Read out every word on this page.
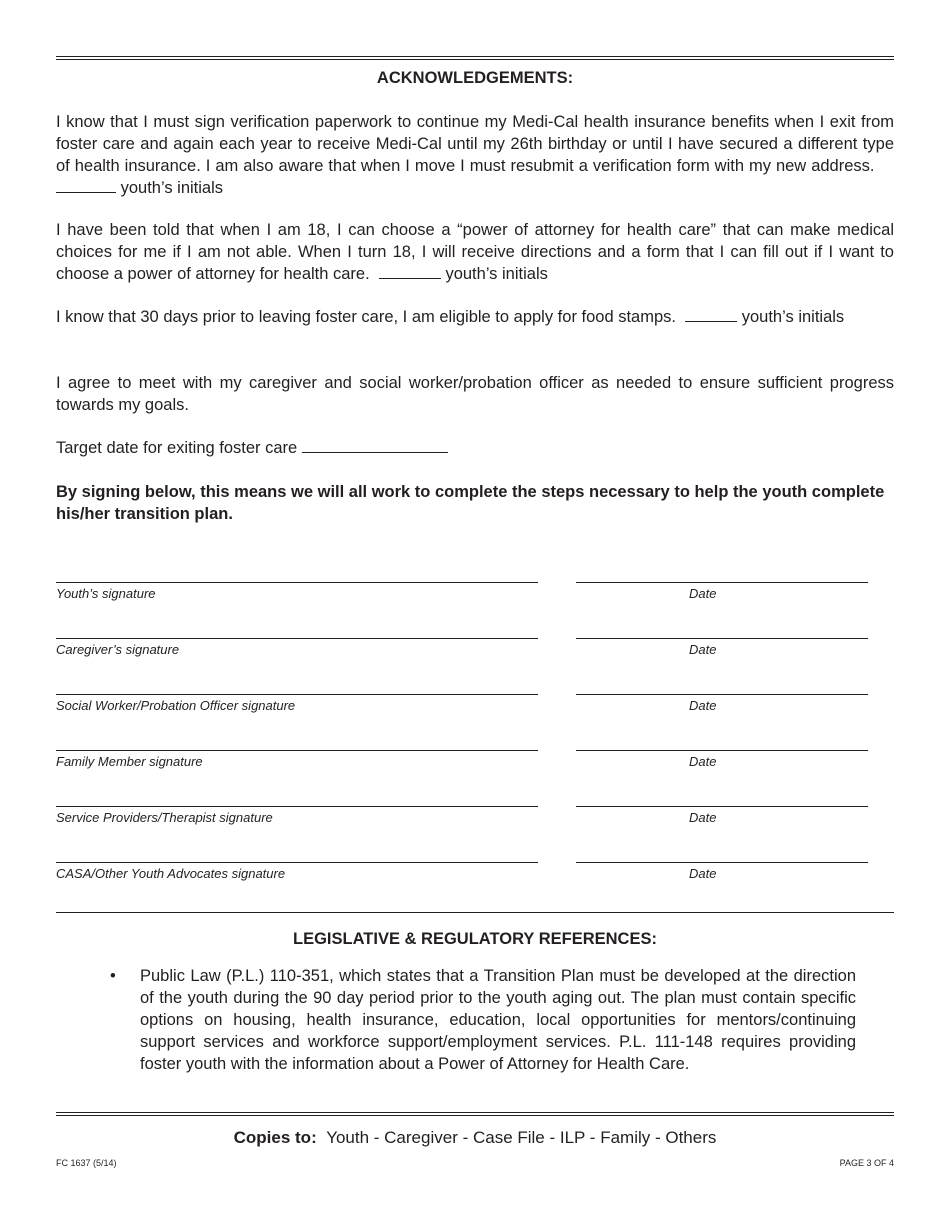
ACKNOWLEDGEMENTS:
I know that I must sign verification paperwork to continue my Medi-Cal health insurance benefits when I exit from foster care and again each year to receive Medi-Cal until my 26th birthday or until I have secured a different type of health insurance. I am also aware that when I move I must resubmit a verification form with my new address.     youth’s initials
I have been told that when I am 18, I can choose a “power of attorney for health care” that can make medical choices for me if I am not able. When I turn 18, I will receive directions and a form that I can fill out if I want to choose a power of attorney for health care.	youth’s initials
I know that 30 days prior to leaving foster care, I am eligible to apply for food stamps.	youth’s initials
I agree to meet with my caregiver and social worker/probation officer as needed to ensure sufficient progress towards my goals.
Target date for exiting foster care
By signing below, this means we will all work to complete the steps necessary to help the youth complete his/her transition plan.
Youth’s signature	Date
Caregiver’s signature	Date
Social Worker/Probation Officer signature	Date
Family Member signature	Date
Service Providers/Therapist signature	Date
CASA/Other Youth Advocates signature	Date
LEGISLATIVE & REGULATORY REFERENCES:
• Public Law (P.L.) 110-351, which states that a Transition Plan must be developed at the direction of the youth during the 90 day period prior to the youth aging out. The plan must contain specific options on housing, health insurance, education, local opportunities for mentors/continuing support services and workforce support/employment services. P.L. 111-148 requires providing foster youth with the information about a Power of Attorney for Health Care.
Copies to: Youth - Caregiver - Case File - ILP - Family - Others
FC 1637 (5/14)	PAGE 3 OF 4
